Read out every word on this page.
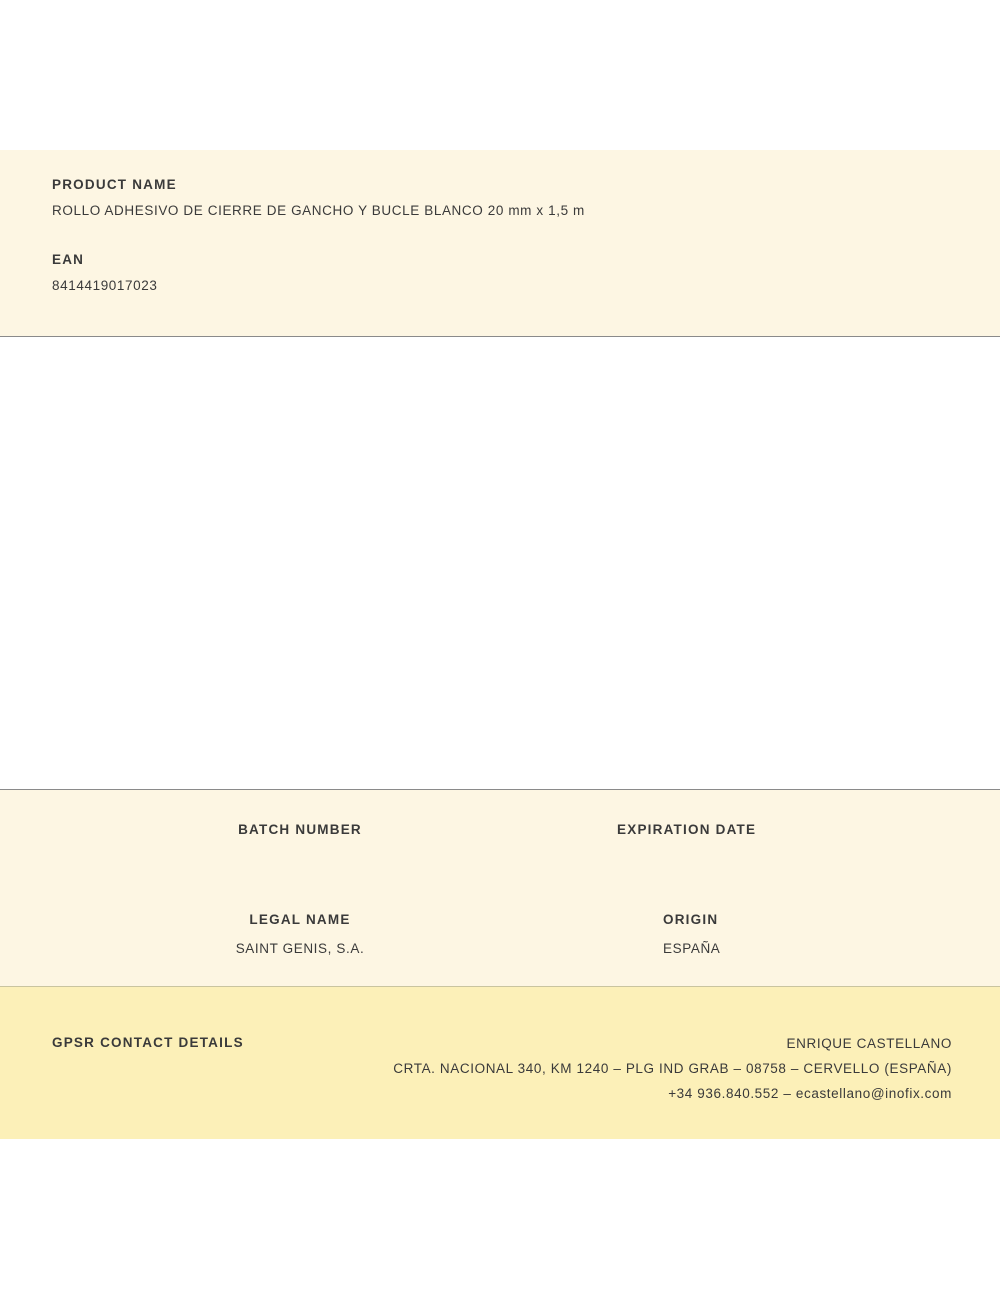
PRODUCT NAME
ROLLO ADHESIVO DE CIERRE DE GANCHO Y BUCLE BLANCO 20 mm x 1,5 m
EAN
8414419017023
BATCH NUMBER	EXPIRATION DATE
LEGAL NAME
SAINT GENIS, S.A.
ORIGIN
ESPAÑA
GPSR CONTACT DETAILS	ENRIQUE CASTELLANO
CRTA. NACIONAL 340, KM 1240 – PLG IND GRAB – 08758 – CERVELLO (ESPAÑA)
+34 936.840.552 – ecastellano@inofix.com
